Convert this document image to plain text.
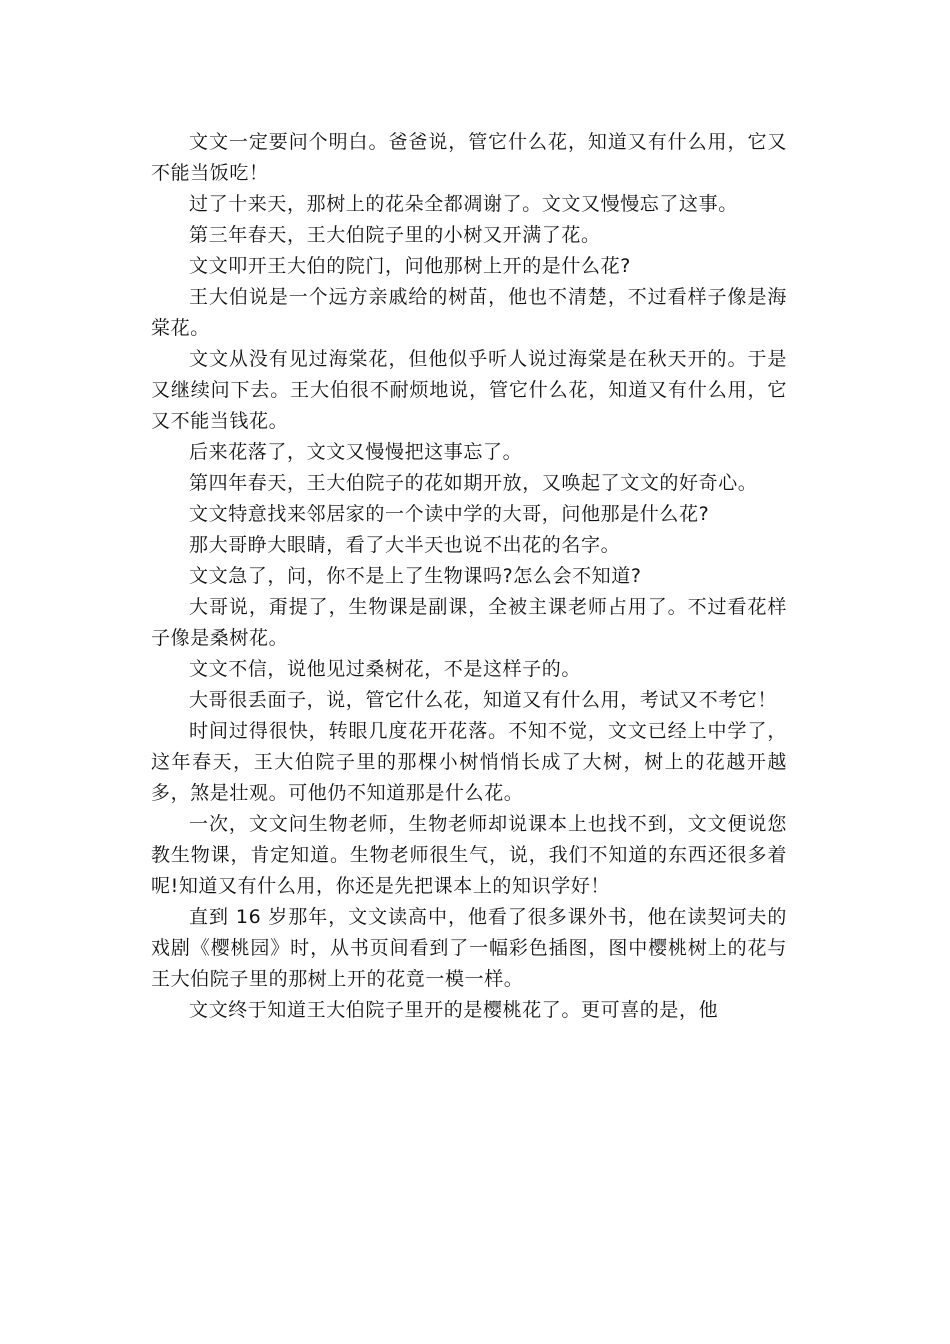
文文一定要问个明白。爸爸说，管它什么花，知道又有什么用，它又不能当饭吃！

过了十来天，那树上的花朵全都凋谢了。文文又慢慢忘了这事。

第三年春天，王大伯院子里的小树又开满了花。

文文叩开王大伯的院门，问他那树上开的是什么花?

王大伯说是一个远方亲戚给的树苗，他也不清楚，不过看样子像是海棠花。

文文从没有见过海棠花，但他似乎听人说过海棠是在秋天开的。于是又继续问下去。王大伯很不耐烦地说，管它什么花，知道又有什么用，它又不能当钱花。

后来花落了，文文又慢慢把这事忘了。

第四年春天，王大伯院子的花如期开放，又唤起了文文的好奇心。

文文特意找来邻居家的一个读中学的大哥，问他那是什么花?

那大哥睁大眼睛，看了大半天也说不出花的名字。

文文急了，问，你不是上了生物课吗?怎么会不知道?

大哥说，甭提了，生物课是副课，全被主课老师占用了。不过看花样子像是桑树花。

文文不信，说他见过桑树花，不是这样子的。

大哥很丢面子，说，管它什么花，知道又有什么用，考试又不考它！

时间过得很快，转眼几度花开花落。不知不觉，文文已经上中学了，这年春天，王大伯院子里的那棵小树悄悄长成了大树，树上的花越开越多，煞是壮观。可他仍不知道那是什么花。

一次，文文问生物老师，生物老师却说课本上也找不到，文文便说您教生物课，肯定知道。生物老师很生气，说，我们不知道的东西还很多着呢!知道又有什么用，你还是先把课本上的知识学好！

直到 16 岁那年，文文读高中，他看了很多课外书，他在读契诃夫的戏剧《樱桃园》时，从书页间看到了一幅彩色插图，图中樱桃树上的花与王大伯院子里的那树上开的花竟一模一样。

文文终于知道王大伯院子里开的是樱桃花了。更可喜的是，他
